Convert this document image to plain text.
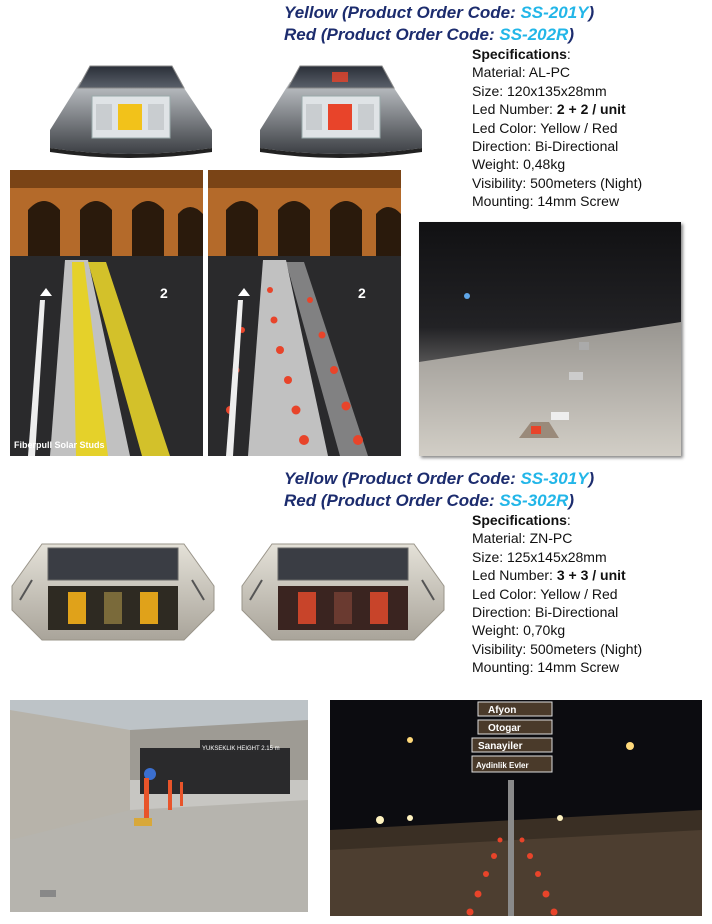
Yellow (Product Order Code: SS-201Y)
Red (Product Order Code: SS-202R)
Specifications:
Material: AL-PC
Size: 120x135x28mm
Led Number: 2 + 2 / unit
Led Color: Yellow / Red
Direction: Bi-Directional
Weight: 0,48kg
Visibility: 500meters (Night)
Mounting: 14mm Screw
2
Fiberpull Solar Studs
2
Yellow (Product Order Code: SS-301Y)
Red (Product Order Code: SS-302R)
Specifications:
Material: ZN-PC
Size: 125x145x28mm
Led Number: 3 + 3 / unit
Led Color: Yellow / Red
Direction: Bi-Directional
Weight: 0,70kg
Visibility: 500meters (Night)
Mounting: 14mm Screw
YUKSEKLIK HEIGHT 2.15 m
Afyon
Otogar
Sanayiler
Aydinlik Evler
